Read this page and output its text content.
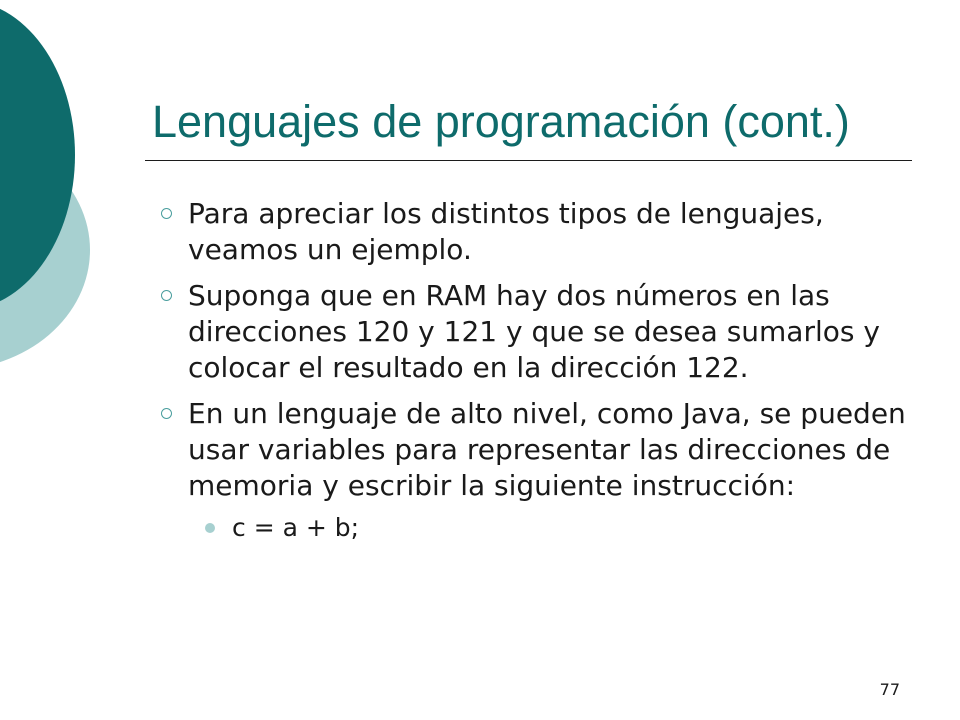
Lenguajes de programación (cont.)
Para apreciar los distintos tipos de lenguajes, veamos un ejemplo.
Suponga que en RAM hay dos números en las direcciones 120 y 121 y que se desea sumarlos y colocar el resultado en la dirección 122.
En un lenguaje de alto nivel, como Java, se pueden usar variables para representar las direcciones de memoria y escribir la siguiente instrucción:
c = a + b;
77
